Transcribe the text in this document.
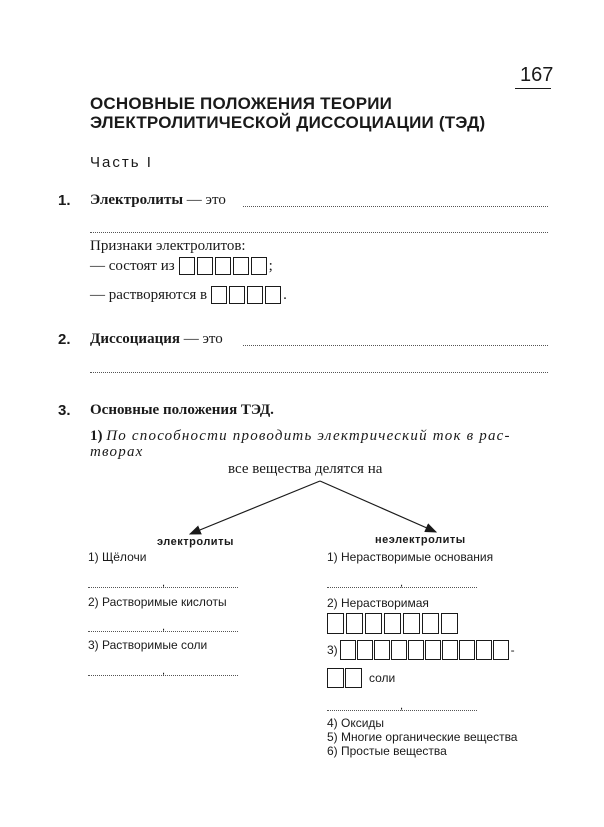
167
ОСНОВНЫЕ ПОЛОЖЕНИЯ ТЕОРИИ
ЭЛЕКТРОЛИТИЧЕСКОЙ ДИССОЦИАЦИИ (ТЭД)
Часть I
1. Электролиты — это
Признаки электролитов:
— состоят из	;
— растворяются в	.
2. Диссоциация — это
3. Основные положения ТЭД.
1) По способности проводить электрический ток в рас-
творах
все вещества делятся на
электролиты
1) Щёлочи
,
2) Растворимые кислоты
,
3) Растворимые соли
,
неэлектролиты
1) Нерастворимые основания
,
2) Нерастворимая
3)	-
соли
,
4) Оксиды
5) Многие органические вещества
6) Простые вещества
